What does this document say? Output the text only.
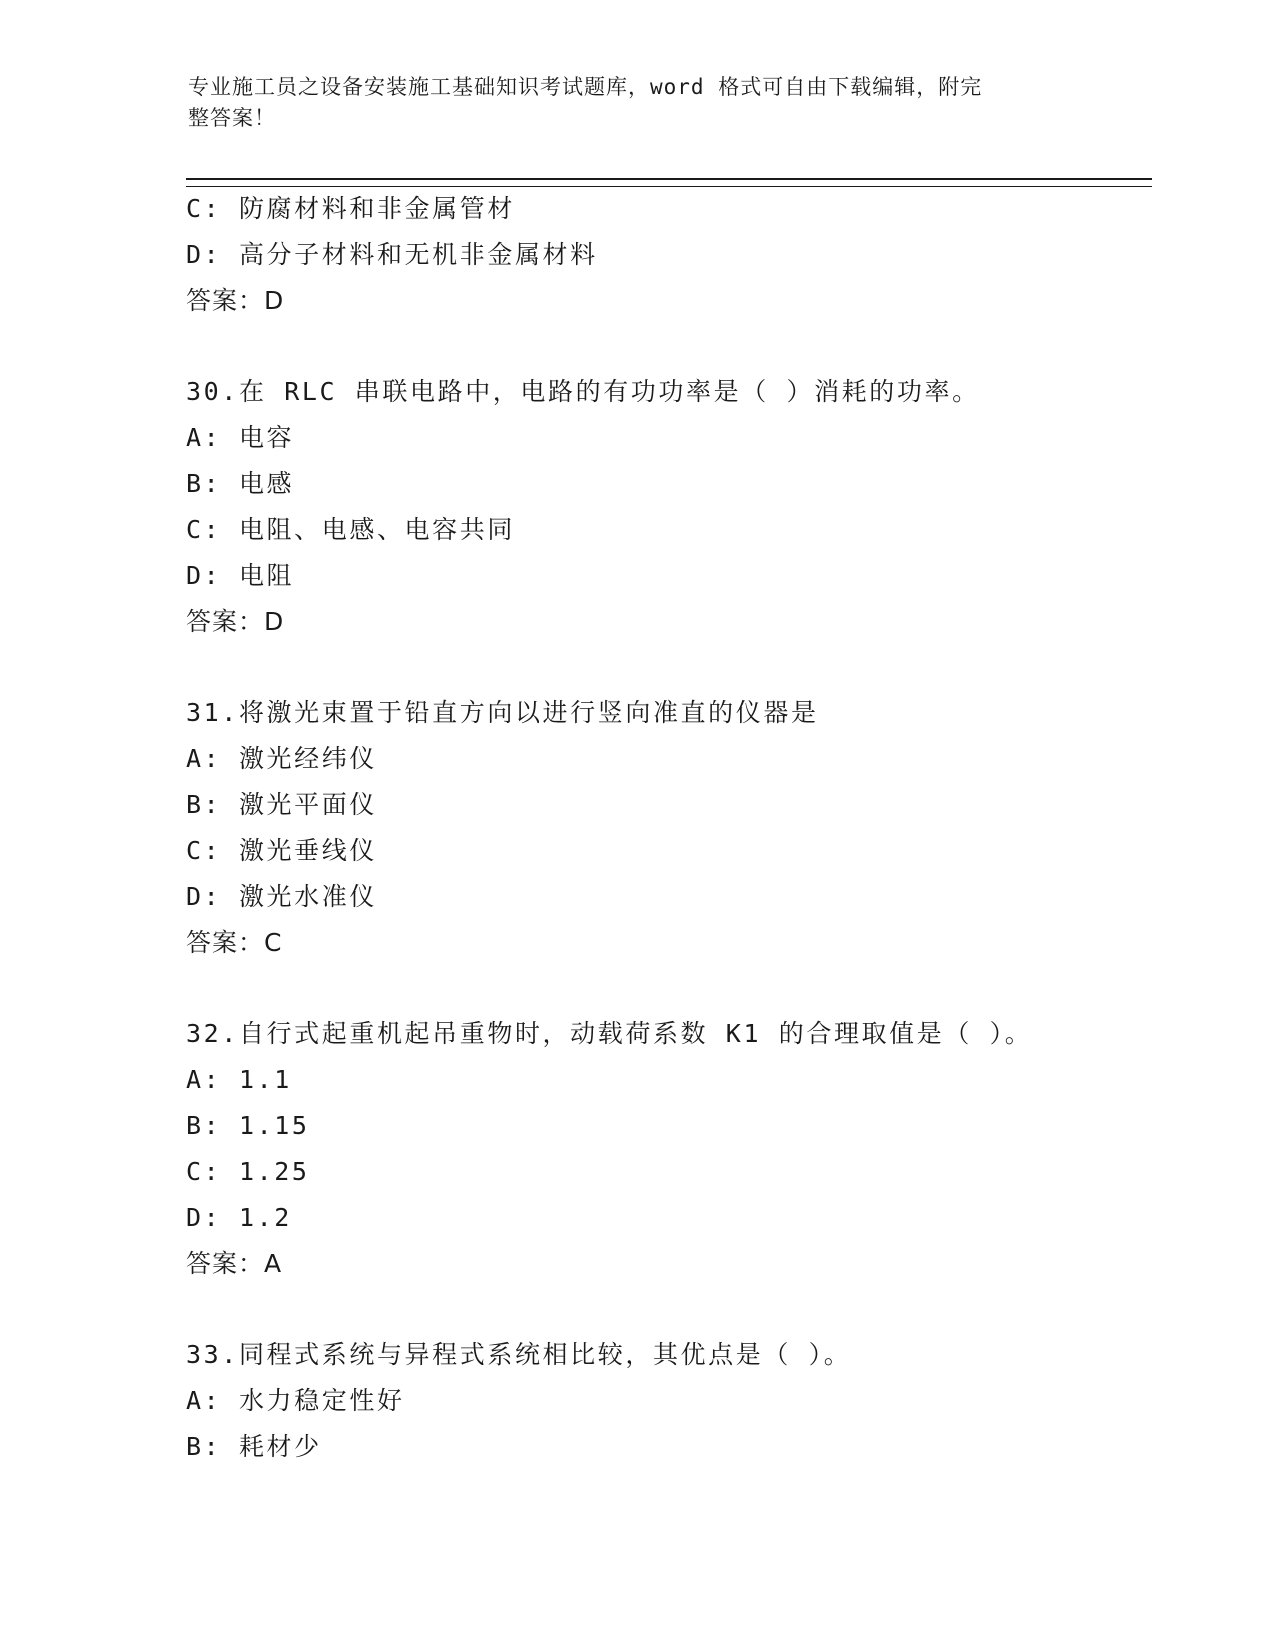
专业施工员之设备安装施工基础知识考试题库，word 格式可自由下载编辑，附完
整答案！
C: 防腐材料和非金属管材
D: 高分子材料和无机非金属材料
答案：D
30.在 RLC 串联电路中，电路的有功功率是（ ）消耗的功率。
A: 电容
B: 电感
C: 电阻、电感、电容共同
D: 电阻
答案：D
31.将激光束置于铅直方向以进行竖向准直的仪器是
A: 激光经纬仪
B: 激光平面仪
C: 激光垂线仪
D: 激光水准仪
答案：C
32.自行式起重机起吊重物时，动载荷系数 K1 的合理取值是（ ）。
A: 1.1
B: 1.15
C: 1.25
D: 1.2
答案：A
33.同程式系统与异程式系统相比较，其优点是（ ）。
A: 水力稳定性好
B: 耗材少
